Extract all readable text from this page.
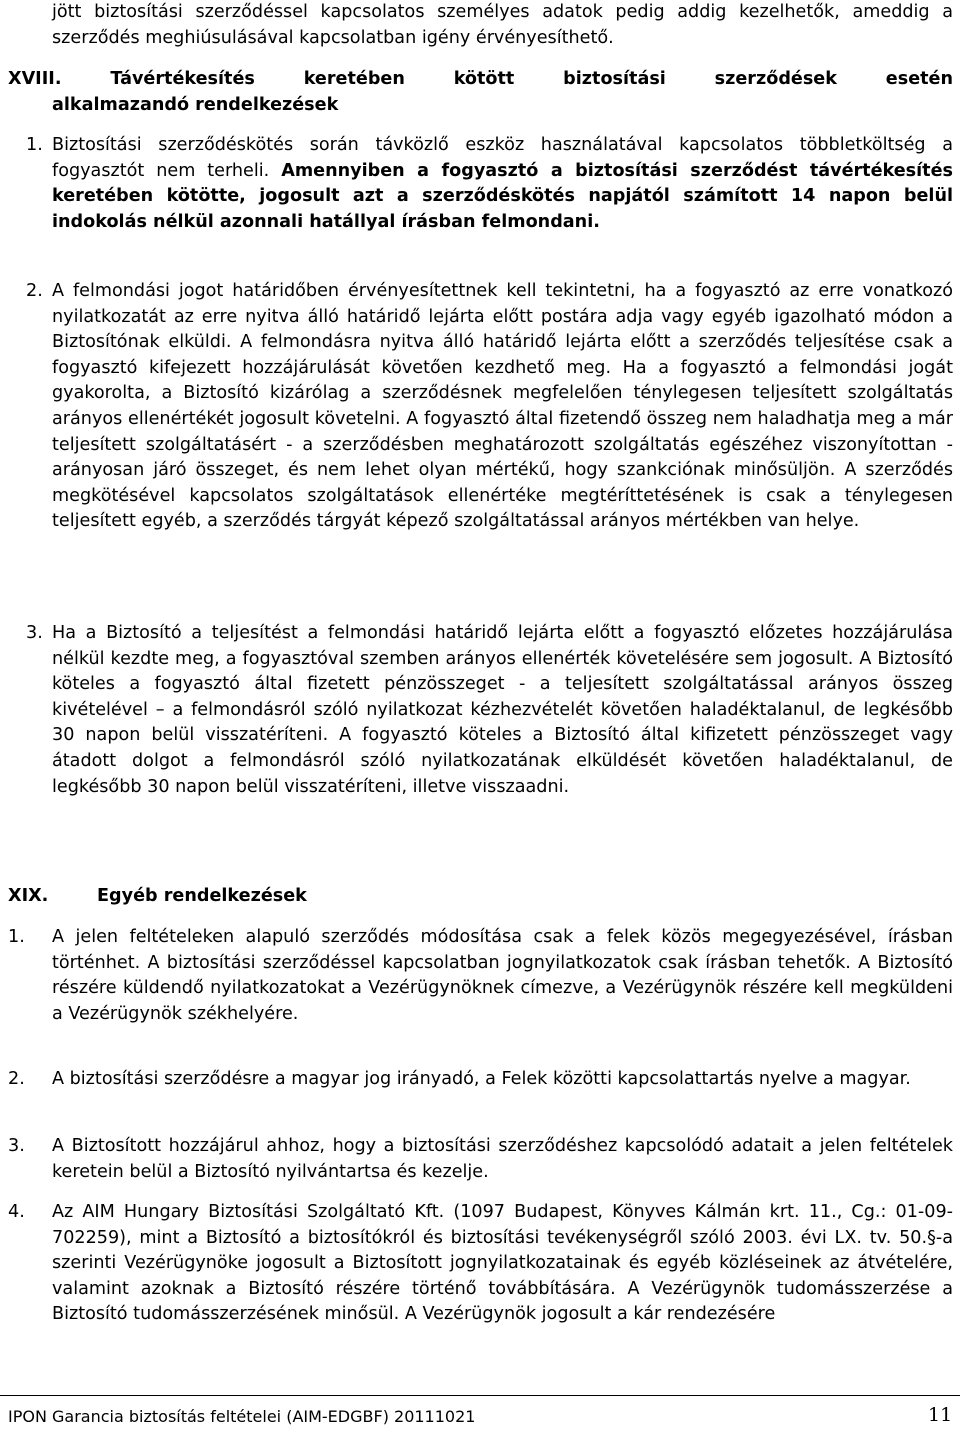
jött biztosítási szerződéssel kapcsolatos személyes adatok pedig addig kezelhetők, ameddig a szerződés meghiúsulásával kapcsolatban igény érvényesíthető.

XVIII.	Távértékesítés keretében kötött biztosítási szerződések esetén

alkalmazandó rendelkezések

1. Biztosítási szerződéskötés során távközlő eszköz használatával kapcsolatos többletköltség a fogyasztót nem terheli. Amennyiben a fogyasztó a biztosítási szerződést távértékesítés keretében kötötte, jogosult azt a szerződéskötés napjától számított 14 napon belül indokolás nélkül azonnali hatállyal írásban felmondani.

2. A felmondási jogot határidőben érvényesítettnek kell tekintetni, ha a fogyasztó az erre vonatkozó nyilatkozatát az erre nyitva álló határidő lejárta előtt postára adja vagy egyéb igazolható módon a Biztosítónak elküldi. A felmondásra nyitva álló határidő lejárta előtt a szerződés teljesítése csak a fogyasztó kifejezett hozzájárulását követően kezdhető meg. Ha a fogyasztó a felmondási jogát gyakorolta, a Biztosító kizárólag a szerződésnek megfelelően ténylegesen teljesített szolgáltatás arányos ellenértékét jogosult követelni. A fogyasztó által fizetendő összeg nem haladhatja meg a már teljesített szolgáltatásért - a szerződésben meghatározott szolgáltatás egészéhez viszonyítottan - arányosan járó összeget, és nem lehet olyan mértékű, hogy szankciónak minősüljön. A szerződés megkötésével kapcsolatos szolgáltatások ellenértéke megtéríttetésének is csak a ténylegesen teljesített egyéb, a szerződés tárgyát képező szolgáltatással arányos mértékben van helye.

3. Ha a Biztosító a teljesítést a felmondási határidő lejárta előtt a fogyasztó előzetes hozzájárulása nélkül kezdte meg, a fogyasztóval szemben arányos ellenérték követelésére sem jogosult. A Biztosító köteles a fogyasztó által fizetett pénzösszeget - a teljesített szolgáltatással arányos összeg kivételével – a felmondásról szóló nyilatkozat kézhezvételét követően haladéktalanul, de legkésőbb 30 napon belül visszatéríteni. A fogyasztó köteles a Biztosító által kifizetett pénzösszeget vagy átadott dolgot a felmondásról szóló nyilatkozatának elküldését követően haladéktalanul, de legkésőbb 30 napon belül visszatéríteni, illetve visszaadni.

XIX.	Egyéb rendelkezések

1.	A jelen feltételeken alapuló szerződés módosítása csak a felek közös megegyezésével, írásban történhet. A biztosítási szerződéssel kapcsolatban jognyilatkozatok csak írásban tehetők. A Biztosító részére küldendő nyilatkozatokat a Vezérügynöknek címezve, a Vezérügynök részére kell megküldeni a Vezérügynök székhelyére.

2.	A biztosítási szerződésre a magyar jog irányadó, a Felek közötti kapcsolattartás nyelve a magyar.

3.	A Biztosított hozzájárul ahhoz, hogy a biztosítási szerződéshez kapcsolódó adatait a jelen feltételek keretein belül a Biztosító nyilvántartsa és kezelje.

4.	Az AIM Hungary Biztosítási Szolgáltató Kft. (1097 Budapest, Könyves Kálmán krt. 11., Cg.: 01-09-702259), mint a Biztosító a biztosítókról és biztosítási tevékenységről szóló 2003. évi LX. tv. 50.§-a szerinti Vezérügynöke jogosult a Biztosított jognyilatkozatainak és egyéb közléseinek az átvételére, valamint azoknak a Biztosító részére történő továbbítására. A Vezérügynök tudomásszerzése a Biztosító tudomásszerzésének minősül. A Vezérügynök jogosult a kár rendezésére

IPON Garancia biztosítás feltételei (AIM-EDGBF) 20111021	11
